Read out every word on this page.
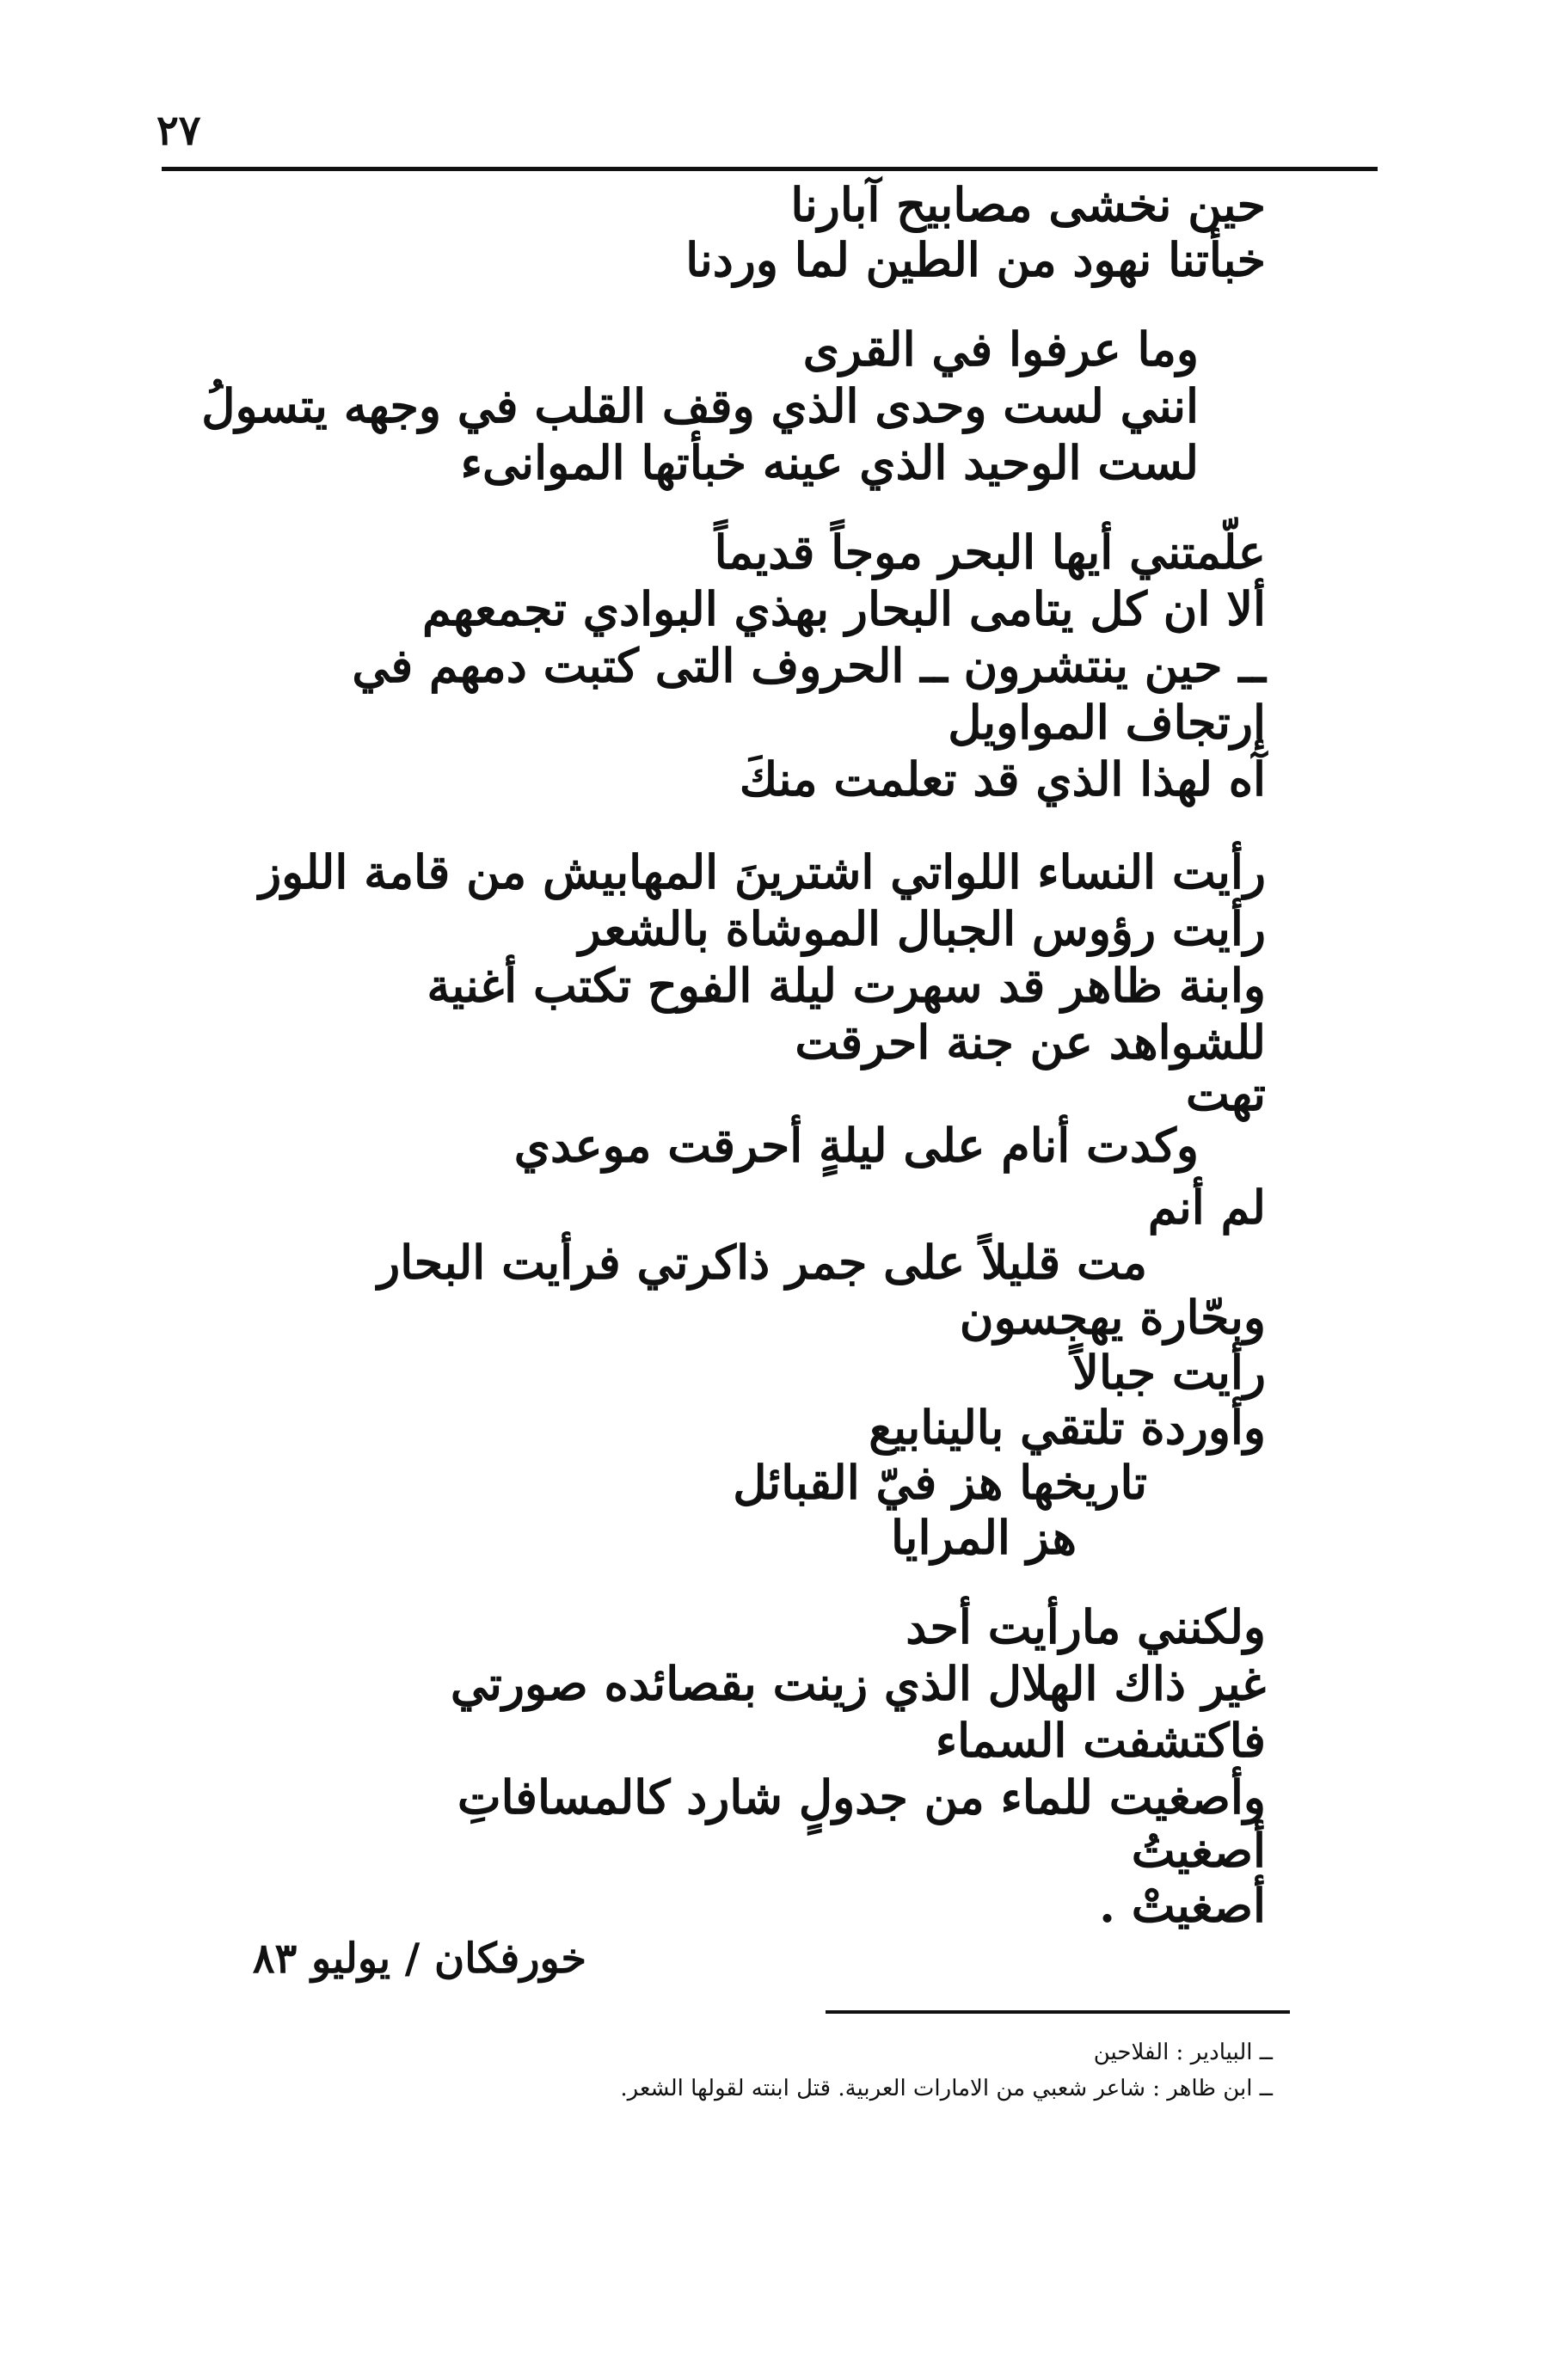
٢٧
حين نخشى مصابيح آبارنا
خبأتنا نهود من الطين لما وردنا
وما عرفوا في القرى
انني لست وحدى الذي وقف القلب في وجهه يتسولُ
لست الوحيد الذي عينه خبأتها الموانىء
علّمتني أيها البحر موجاً قديماً
ألا ان كل يتامى البحار بهذي البوادي تجمعهم
ــ حين ينتشرون ــ الحروف التى كتبت دمهم في
إرتجاف المواويل
آه لهذا الذي قد تعلمت منكَ
رأيت النساء اللواتي اشترينَ المهابيش من قامة اللوز
رأيت رؤوس الجبال الموشاة بالشعر
وابنة ظاهر قد سهرت ليلة الفوح تكتب أغنية
للشواهد عن جنة احرقت
تهت
وكدت أنام على ليلةٍ أحرقت موعدي
لم أنم
مت قليلاً على جمر ذاكرتي فرأيت البحار
وبحّارة يهجسون
رأيت جبالاً
وأوردة تلتقي بالينابيع
تاريخها هز فيّ القبائل
هز المرايا
ولكنني مارأيت أحد
غير ذاك الهلال الذي زينت بقصائده صورتي
فاكتشفت السماء
وأصغيت للماء من جدولٍ شارد كالمسافاتِ
أصغيتُ
أصغيتْ .
خورفكان / يوليو ٨٣
ــ البيادير : الفلاحين
ــ ابن ظاهر : شاعر شعبي من الامارات العربية. قتل ابنته لقولها الشعر.
